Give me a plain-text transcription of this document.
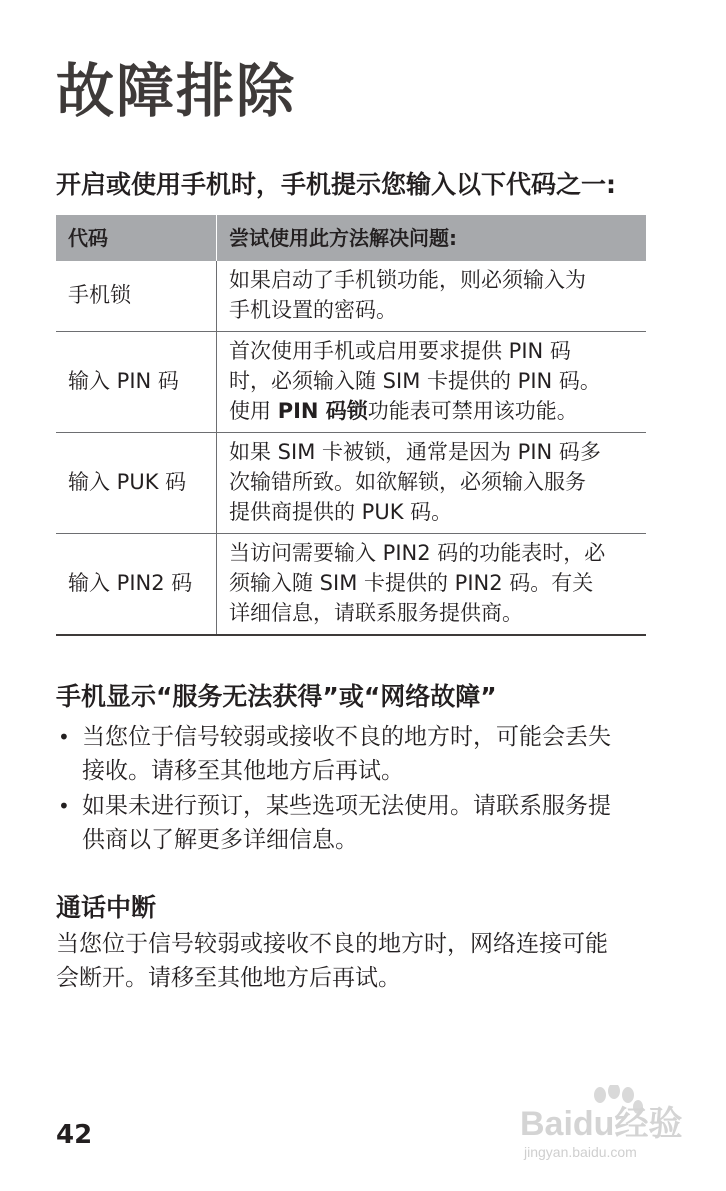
故障排除
开启或使用手机时，手机提示您输入以下代码之一:
代码	尝试使用此方法解决问题:
手机锁	如果启动了手机锁功能，则必须输入为
手机设置的密码。

输入 PIN 码	首次使用手机或启用要求提供 PIN 码
时，必须输入随 SIM 卡提供的 PIN 码。
使用 PIN 码锁功能表可禁用该功能。

输入 PUK 码	如果 SIM 卡被锁，通常是因为 PIN 码多
次输错所致。如欲解锁，必须输入服务
提供商提供的 PUK 码。

输入 PIN2 码	当访问需要输入 PIN2 码的功能表时，必
须输入随 SIM 卡提供的 PIN2 码。有关
详细信息，请联系服务提供商。
手机显示“服务无法获得”或“网络故障”
• 当您位于信号较弱或接收不良的地方时，可能会丢失
接收。请移至其他地方后再试。
• 如果未进行预订，某些选项无法使用。请联系服务提
供商以了解更多详细信息。
通话中断
当您位于信号较弱或接收不良的地方时，网络连接可能
会断开。请移至其他地方后再试。
42	Baidu经验
jingyan.baidu.com
